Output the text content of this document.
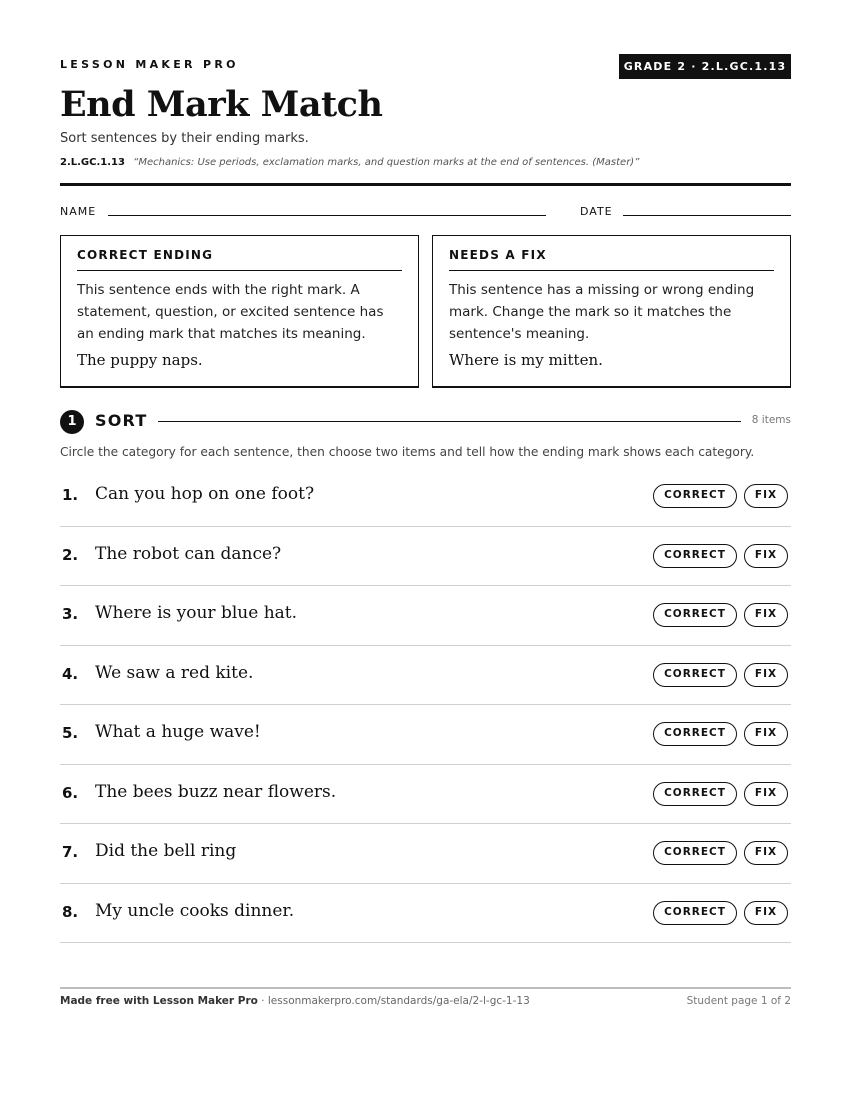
LESSON MAKER PRO	GRADE 2 · 2.L.GC.1.13
End Mark Match
Sort sentences by their ending marks.
2.L.GC.1.13 “Mechanics: Use periods, exclamation marks, and question marks at the end of sentences. (Master)”
NAME	DATE
CORRECT ENDING
This sentence ends with the right mark. A statement, question, or excited sentence has an ending mark that matches its meaning.
The puppy naps.
NEEDS A FIX
This sentence has a missing or wrong ending mark. Change the mark so it matches the sentence's meaning.
Where is my mitten.
1	SORT	8 items
Circle the category for each sentence, then choose two items and tell how the ending mark shows each category.
1. Can you hop on one foot?	CORRECT	FIX
2. The robot can dance?	CORRECT	FIX
3. Where is your blue hat.	CORRECT	FIX
4. We saw a red kite.	CORRECT	FIX
5. What a huge wave!	CORRECT	FIX
6. The bees buzz near flowers.	CORRECT	FIX
7. Did the bell ring	CORRECT	FIX
8. My uncle cooks dinner.	CORRECT	FIX
Made free with Lesson Maker Pro · lessonmakerpro.com/standards/ga-ela/2-l-gc-1-13	Student page 1 of 2
